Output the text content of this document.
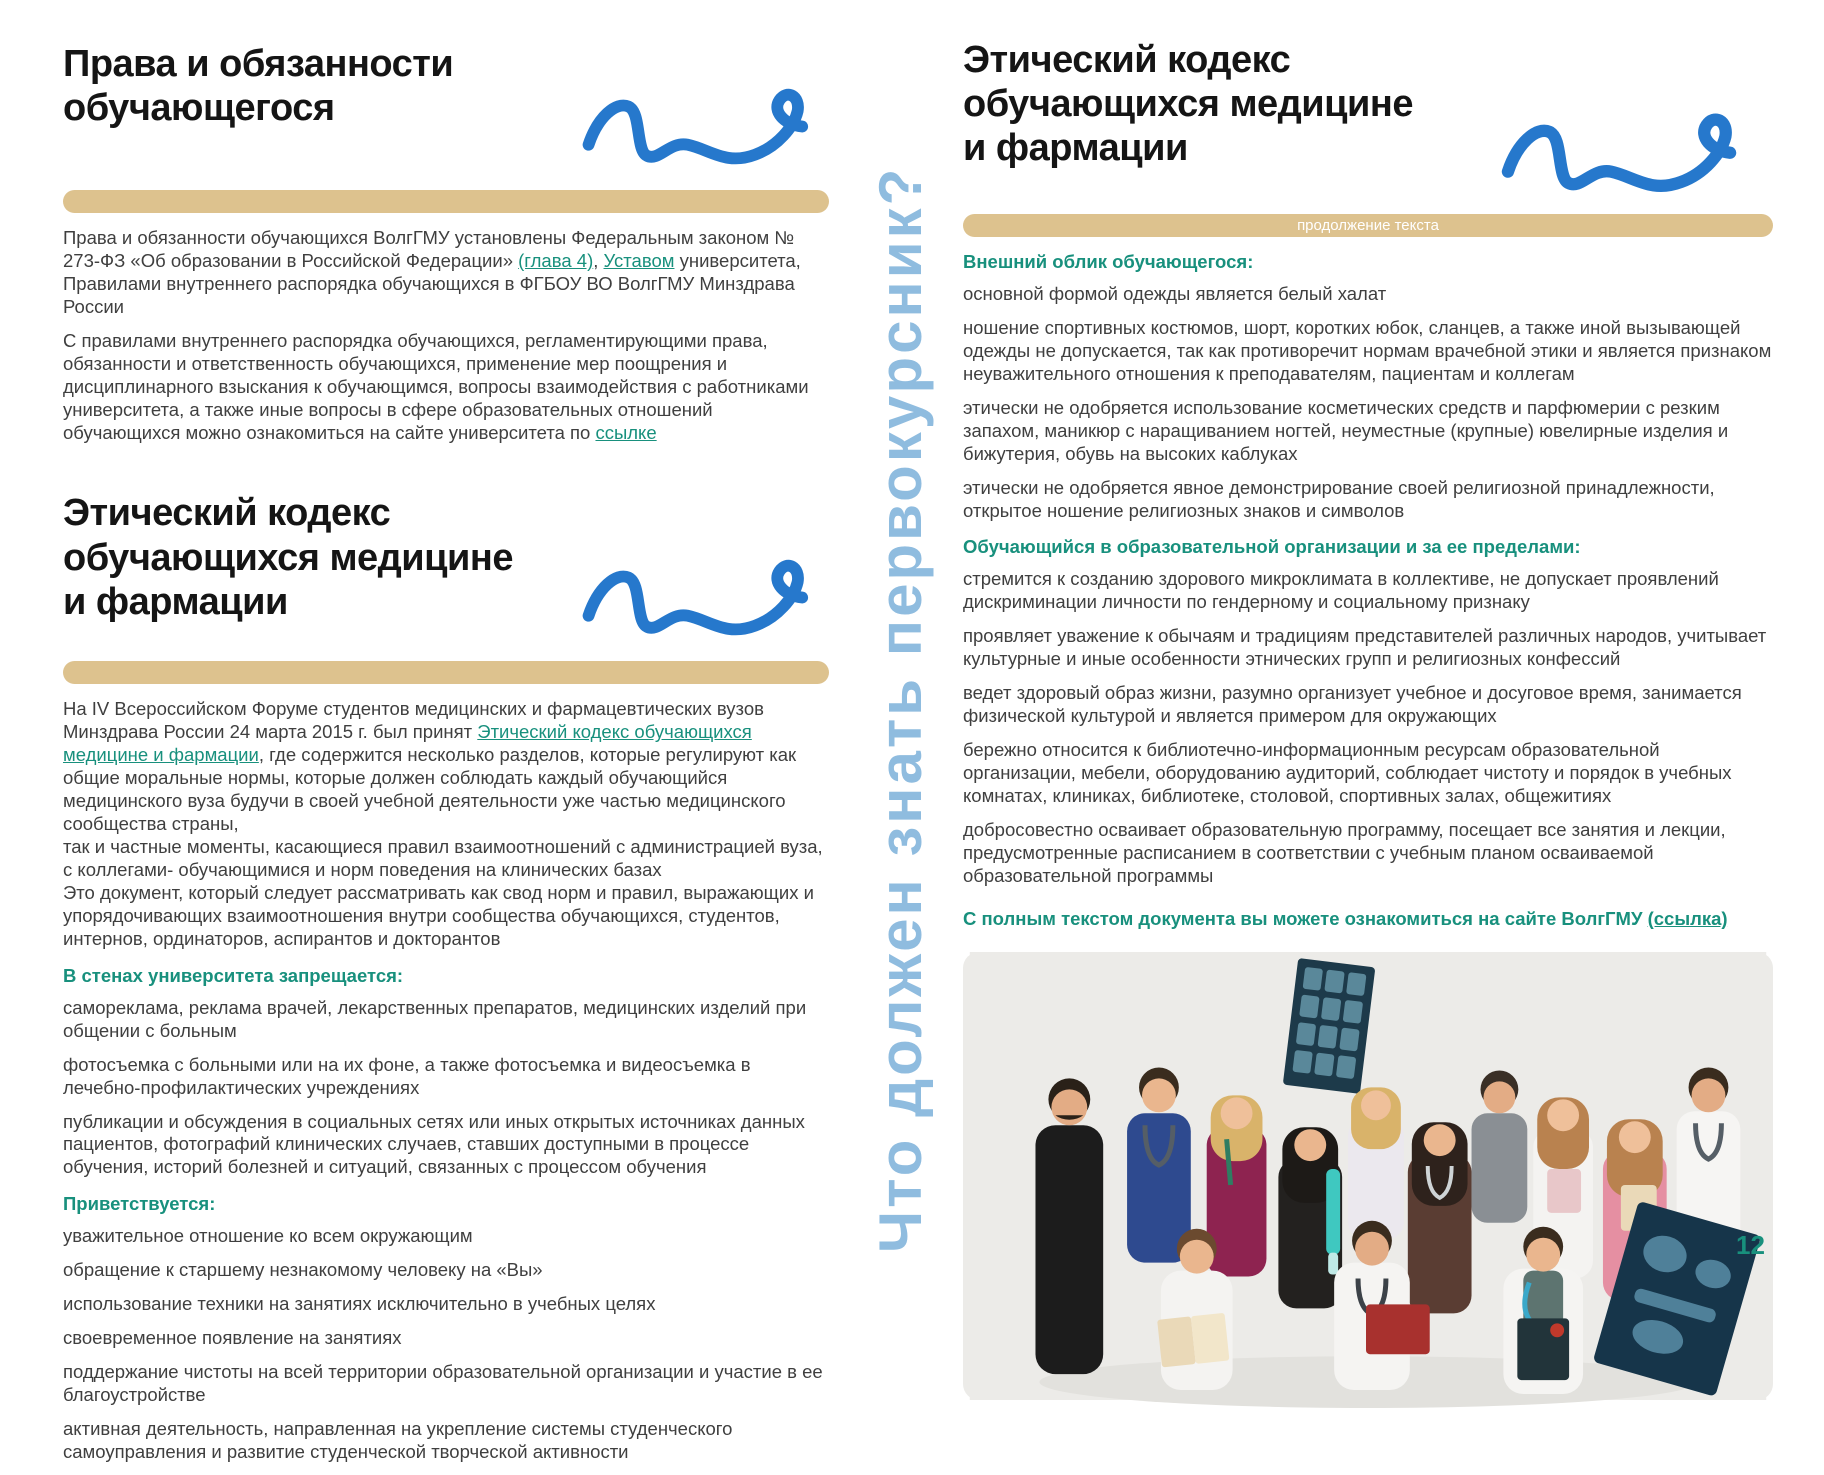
Права и обязанности обучающегося

Права и обязанности обучающихся ВолгГМУ установлены Федеральным законом № 273-ФЗ «Об образовании в Российской Федерации» (глава 4), Уставом университета, Правилами внутреннего распорядка обучающихся в ФГБОУ ВО ВолгГМУ Минздрава России

С правилами внутреннего распорядка обучающихся, регламентирующими права, обязанности и ответственность обучающихся, применение мер поощрения и дисциплинарного взыскания к обучающимся, вопросы взаимодействия с работниками университета, а также иные вопросы в сфере образовательных отношений обучающихся можно ознакомиться на сайте университета по ссылке

Этический кодекс обучающихся медицине и фармации

На IV Всероссийском Форуме студентов медицинских и фармацевтических вузов Минздрава России 24 марта 2015 г. был принят Этический кодекс обучающихся медицине и фармации, где содержится несколько разделов, которые регулируют как общие моральные нормы, которые должен соблюдать каждый обучающийся медицинского вуза будучи в своей учебной деятельности уже частью медицинского сообщества страны,

так и частные моменты, касающиеся правил взаимоотношений с администрацией вуза, с коллегами- обучающимися и норм поведения на клинических базах

Это документ, который следует рассматривать как свод норм и правил, выражающих и упорядочивающих взаимоотношения внутри сообщества обучающихся, студентов, интернов, ординаторов, аспирантов и докторантов

В стенах университета запрещается:

самореклама, реклама врачей, лекарственных препаратов, медицинских изделий при общении с больным

фотосъемка с больными или на их фоне, а также фотосъемка и видеосъемка в лечебно-профилактических учреждениях

публикации и обсуждения в социальных сетях или иных открытых источниках данных пациентов, фотографий клинических случаев, ставших доступными в процессе обучения, историй болезней и ситуаций, связанных с процессом обучения

Приветствуется:

уважительное отношение ко всем окружающим

обращение к старшему незнакомому человеку на «Вы»

использование техники на занятиях исключительно в учебных целях

своевременное появление на занятиях

поддержание чистоты на всей территории образовательной организации и участие в ее благоустройстве

активная деятельность, направленная на укрепление системы студенческого самоуправления и развитие студенческой творческой активности

Что должен знать первокурсник?
Этический кодекс обучающихся медицине и фармации
продолжение текста
Внешний облик обучающегося:

основной формой одежды является белый халат

ношение спортивных костюмов, шорт, коротких юбок, сланцев, а также иной вызывающей одежды не допускается, так как противоречит нормам врачебной этики и является признаком неуважительного отношения к преподавателям, пациентам и коллегам

этически не одобряется использование косметических средств и парфюмерии с резким запахом, маникюр с наращиванием ногтей, неуместные (крупные) ювелирные изделия и бижутерия, обувь на высоких каблуках

этически не одобряется явное демонстрирование своей религиозной принадлежности, открытое ношение религиозных знаков и символов

Обучающийся в образовательной организации и за ее пределами:

стремится к созданию здорового микроклимата в коллективе, не допускает проявлений дискриминации личности по гендерному и социальному признаку

проявляет уважение к обычаям и традициям представителей различных народов, учитывает культурные и иные особенности этнических групп и религиозных конфессий

ведет здоровый образ жизни, разумно организует учебное и досуговое время, занимается физической культурой и является примером для окружающих

бережно относится к библиотечно-информационным ресурсам образовательной организации, мебели, оборудованию аудиторий, соблюдает чистоту и порядок в учебных комнатах, клиниках, библиотеке, столовой, спортивных залах, общежитиях

добросовестно осваивает образовательную программу, посещает все занятия и лекции, предусмотренные расписанием в соответствии с учебным планом осваиваемой образовательной программы

С полным текстом документа вы можете ознакомиться на сайте ВолгГМУ (ссылка)

12
